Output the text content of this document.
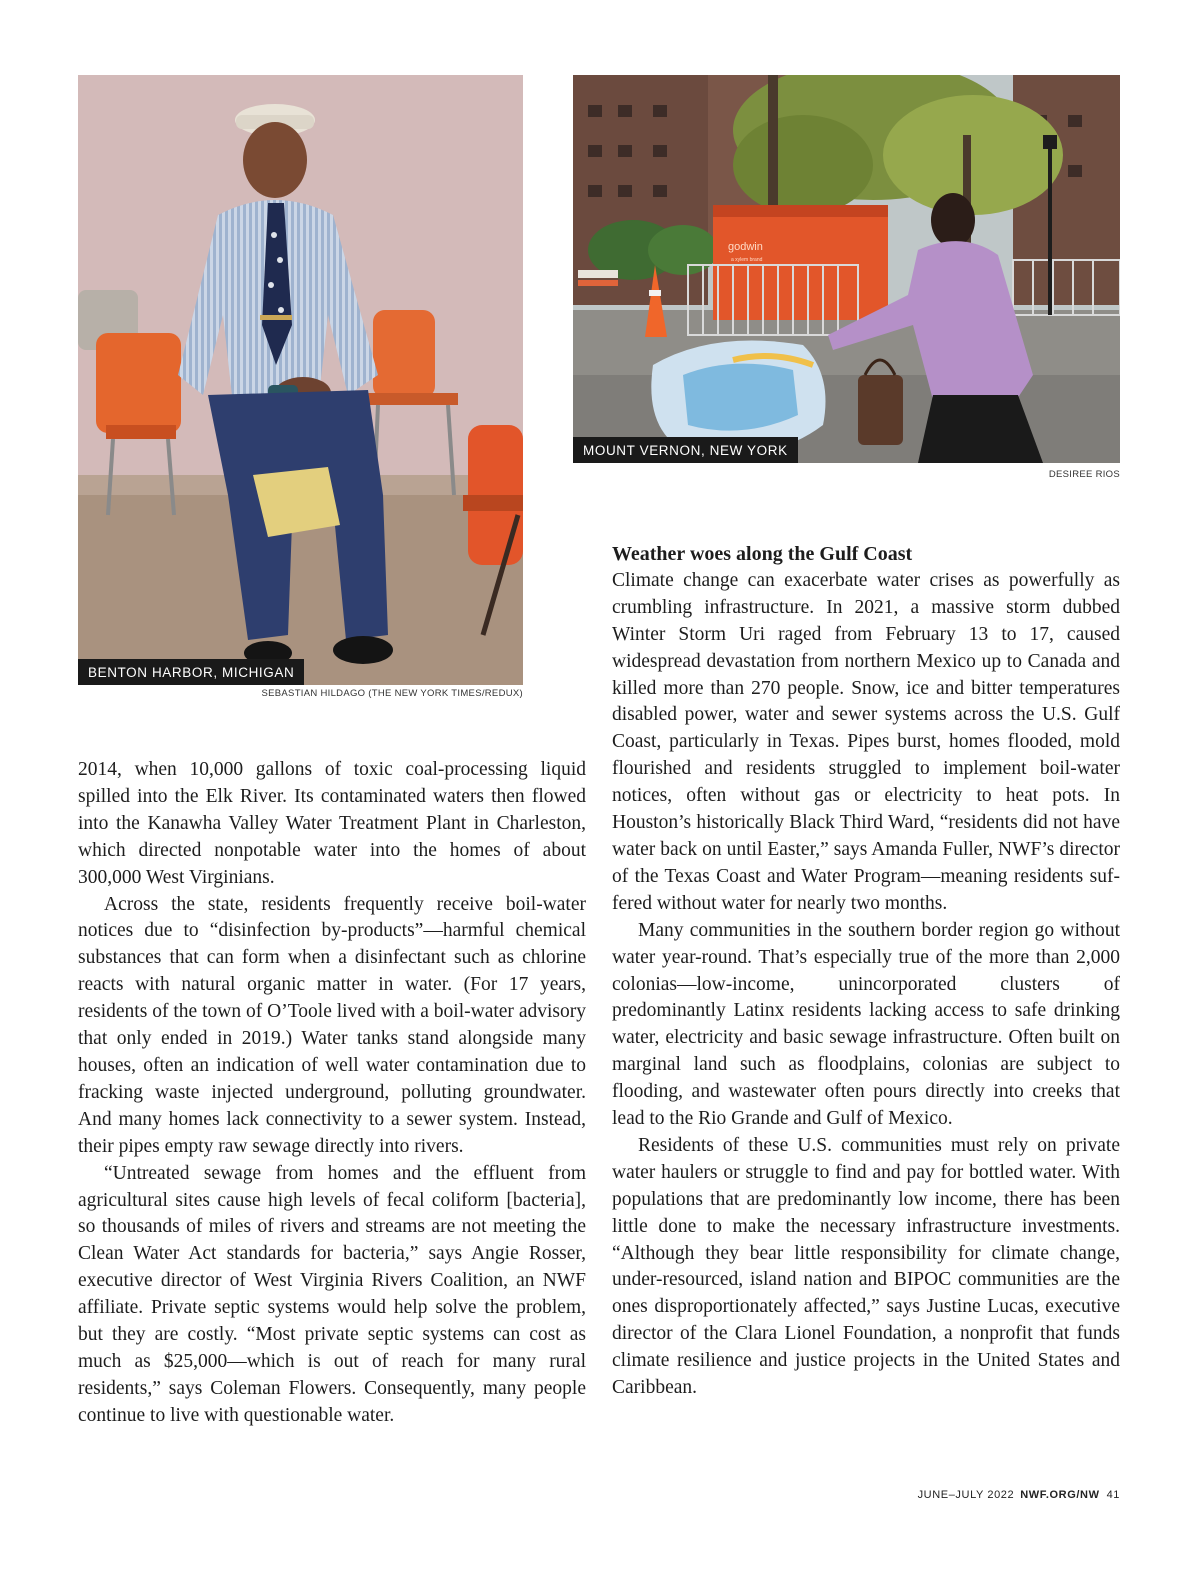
BENTON HARBOR, MICHIGAN
SEBASTIAN HILDAGO (THE NEW YORK TIMES/REDUX)
godwin
a xylem brand
MOUNT VERNON, NEW YORK
DESIREE RIOS

2014, when 10,000 gallons of toxic coal-processing liquid spilled into the Elk River. Its contaminated waters then flowed into the Kanawha Valley Water Treatment Plant in Charleston, which directed nonpotable water into the homes of about 300,000 West Virginians.

Across the state, residents frequently receive boil-water notices due to “disinfection by-products”—harmful chemical substances that can form when a disinfectant such as chlorine reacts with natural organic matter in water. (For 17 years, residents of the town of O’Toole lived with a boil-water advisory that only ended in 2019.) Water tanks stand alongside many houses, often an indication of well water contamination due to fracking waste injected underground, polluting groundwater. And many homes lack connectivity to a sewer system. Instead, their pipes empty raw sewage directly into rivers.

“Untreated sewage from homes and the effluent from agricultural sites cause high levels of fecal coliform [bacteria], so thousands of miles of rivers and streams are not meeting the Clean Water Act standards for bacteria,” says Angie Rosser, executive director of West Virginia Rivers Coalition, an NWF affiliate. Private septic systems would help solve the problem, but they are costly. “Most private septic systems can cost as much as $25,000—which is out of reach for many rural residents,” says Coleman Flowers. Consequently, many people continue to live with questionable water.

Weather woes along the Gulf Coast

Climate change can exacerbate water crises as powerfully as crumbling infrastructure. In 2021, a massive storm dubbed Winter Storm Uri raged from February 13 to 17, caused widespread devastation from northern Mexico up to Canada and killed more than 270 people. Snow, ice and bitter temperatures disabled power, water and sewer systems across the U.S. Gulf Coast, particularly in Texas. Pipes burst, homes flooded, mold flourished and residents struggled to implement boil-water notices, often without gas or electricity to heat pots. In Houston’s historically Black Third Ward, “residents did not have water back on until Easter,” says Amanda Fuller, NWF’s director of the Texas Coast and Water Program—meaning residents suffered without water for nearly two months.

Many communities in the southern border region go without water year-round. That’s especially true of the more than 2,000 colonias—low-income, unincorporated clusters of predominantly Latinx residents lacking access to safe drinking water, electricity and basic sewage infrastructure. Often built on marginal land such as floodplains, colonias are subject to flooding, and wastewater often pours directly into creeks that lead to the Rio Grande and Gulf of Mexico.

Residents of these U.S. communities must rely on private water haulers or struggle to find and pay for bottled water. With populations that are predominantly low income, there has been little done to make the necessary infrastructure investments. “Although they bear little responsibility for climate change, under-resourced, island nation and BIPOC communities are the ones disproportionately affected,” says Justine Lucas, executive director of the Clara Lionel Foundation, a nonprofit that funds climate resilience and justice projects in the United States and Caribbean.

JUNE–JULY 2022 NWF.ORG/NW 41
